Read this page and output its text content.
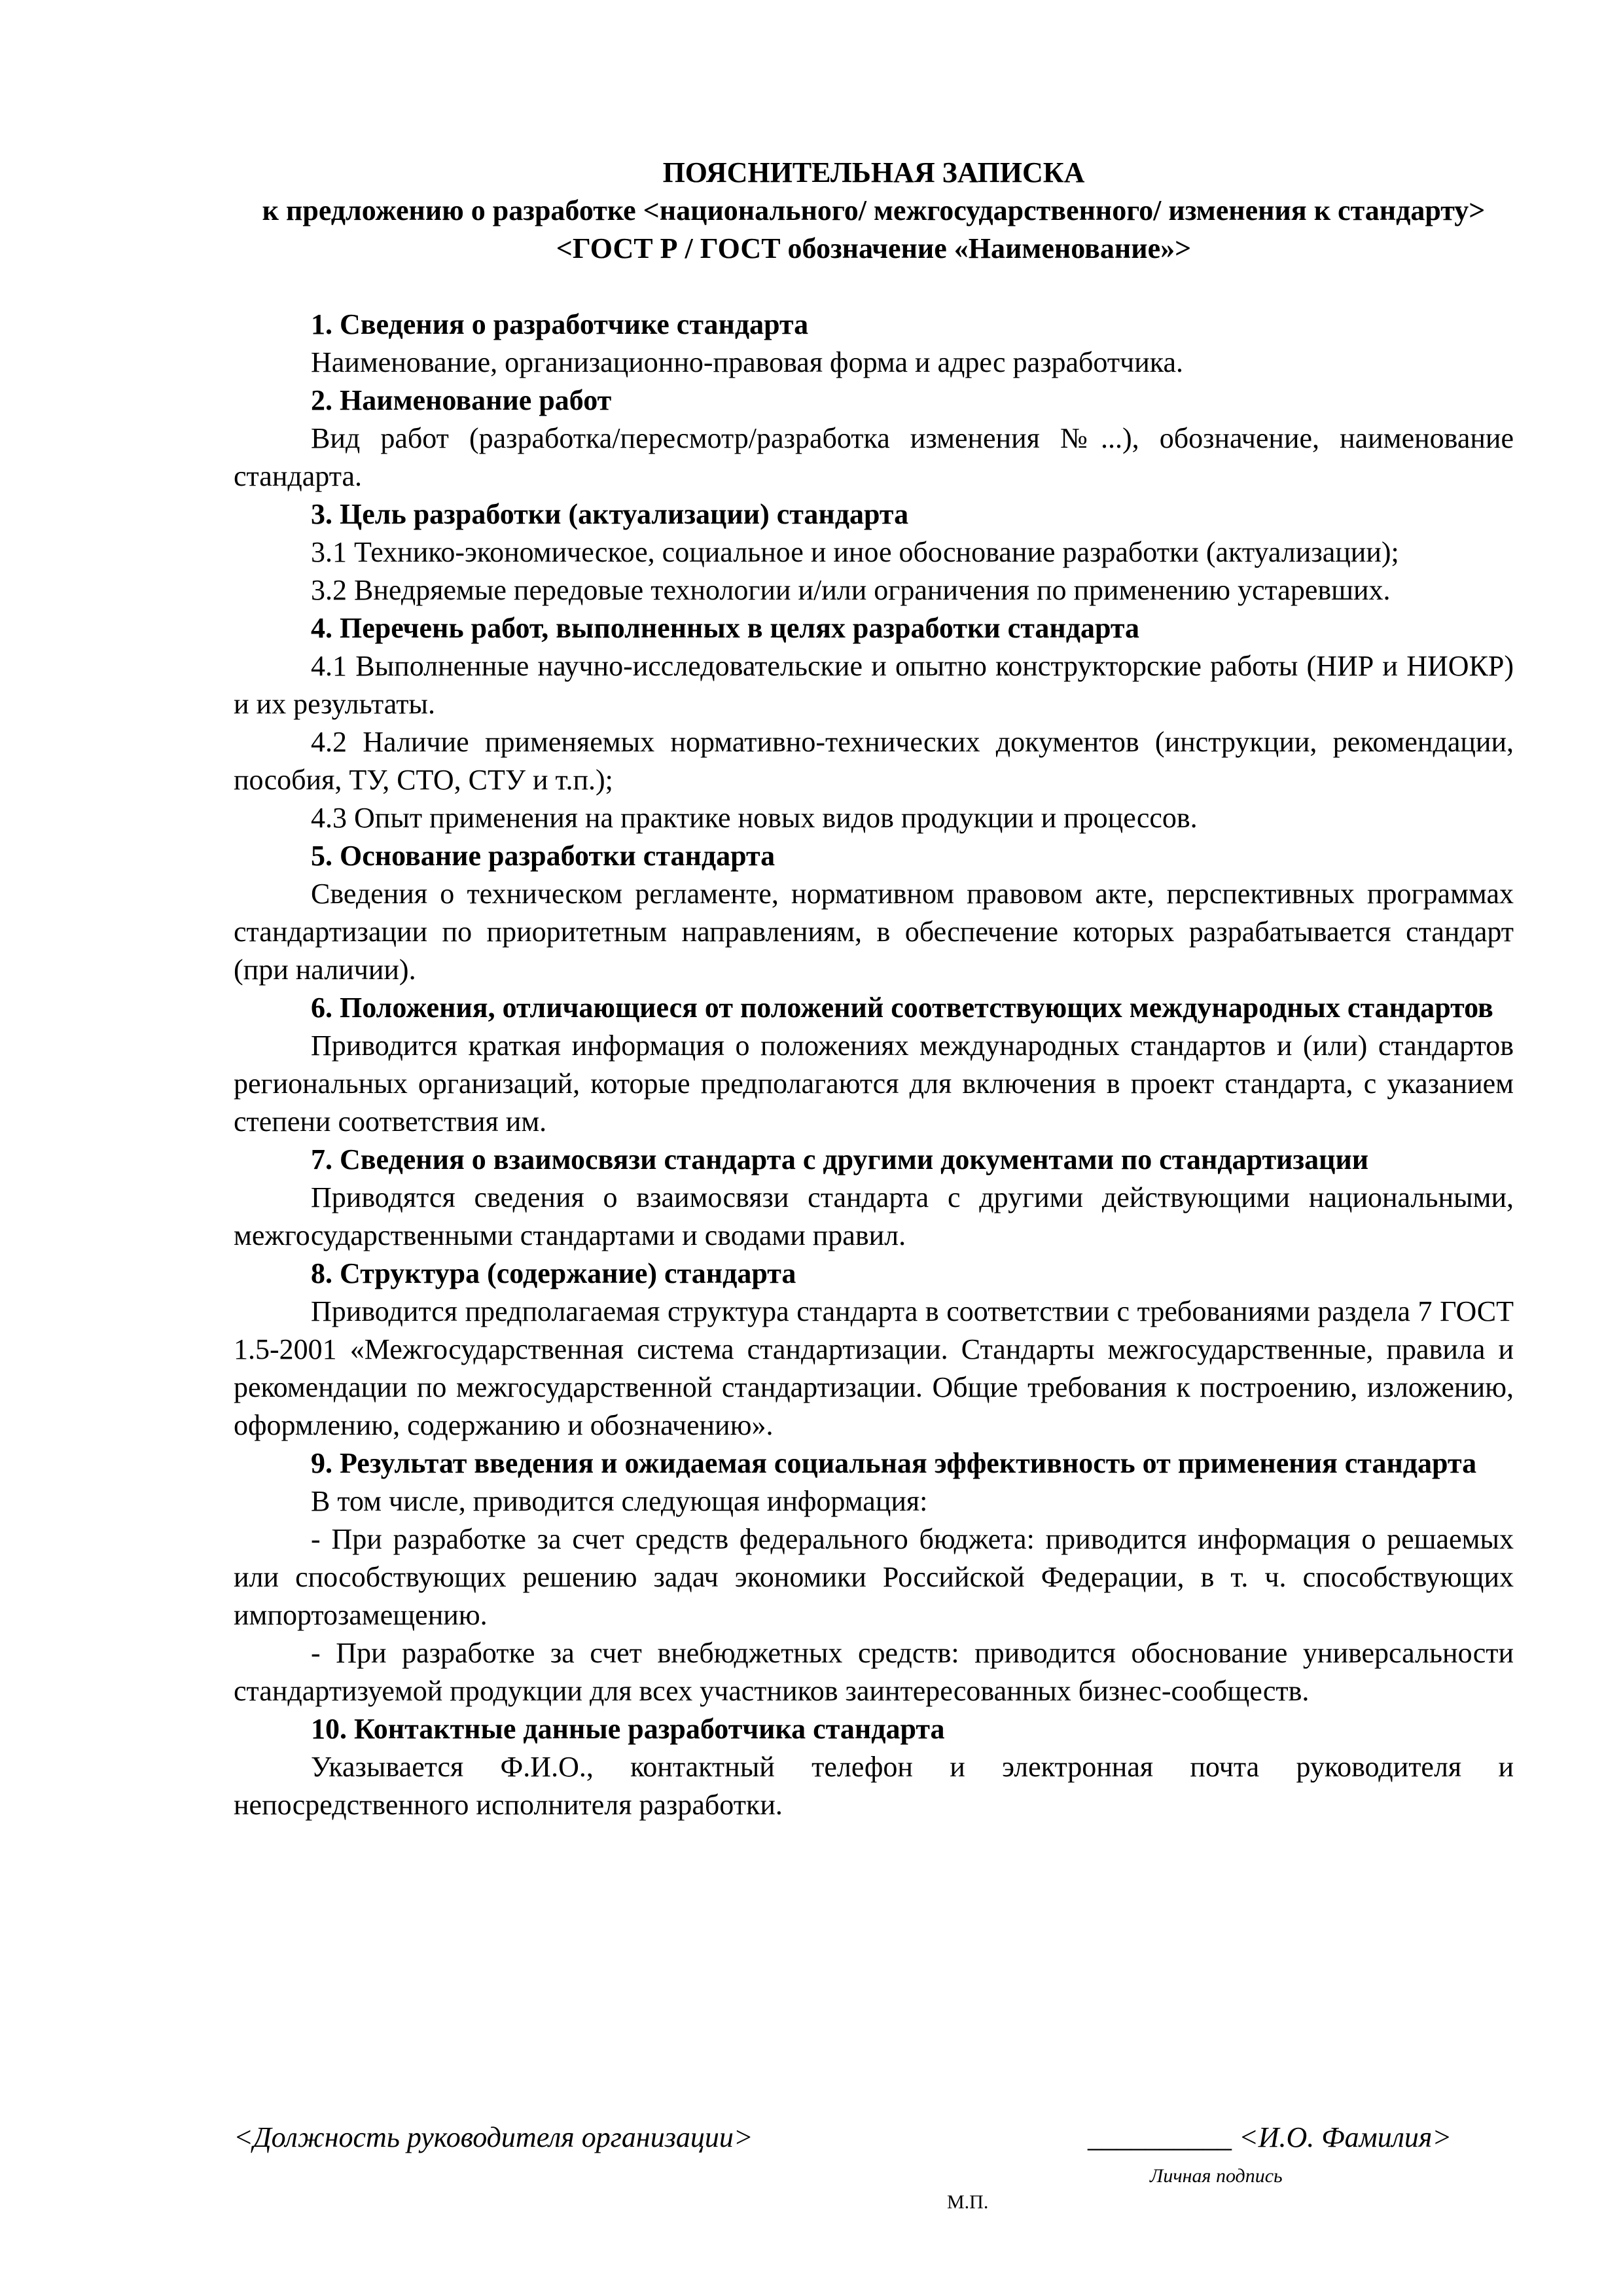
ПОЯСНИТЕЛЬНАЯ ЗАПИСКА

к предложению о разработке <национального/ межгосударственного/ изменения к стандарту>

<ГОСТ Р / ГОСТ обозначение «Наименование»>

1. Сведения о разработчике стандарта

Наименование, организационно-правовая форма и адрес разработчика.

2. Наименование работ

Вид работ (разработка/пересмотр/разработка изменения №...), обозначение, наименование стандарта.

3. Цель разработки (актуализации) стандарта

3.1 Технико-экономическое, социальное и иное обоснование разработки (актуализации);

3.2 Внедряемые передовые технологии и/или ограничения по применению устаревших.

4. Перечень работ, выполненных в целях разработки стандарта

4.1 Выполненные научно-исследовательские и опытно конструкторские работы (НИР и НИОКР) и их результаты.

4.2 Наличие применяемых нормативно-технических документов (инструкции, рекомендации, пособия, ТУ, СТО, СТУ и т.п.);

4.3 Опыт применения на практике новых видов продукции и процессов.

5. Основание разработки стандарта

Сведения о техническом регламенте, нормативном правовом акте, перспективных программах стандартизации по приоритетным направлениям, в обеспечение которых разрабатывается стандарт (при наличии).

6. Положения, отличающиеся от положений соответствующих международных стандартов

Приводится краткая информация о положениях международных стандартов и (или) стандартов региональных организаций, которые предполагаются для включения в проект стандарта, с указанием степени соответствия им.

7. Сведения о взаимосвязи стандарта с другими документами по стандартизации

Приводятся сведения о взаимосвязи стандарта с другими действующими национальными, межгосударственными стандартами и сводами правил.

8. Структура (содержание) стандарта

Приводится предполагаемая структура стандарта в соответствии с требованиями раздела 7 ГОСТ 1.5-2001 «Межгосударственная система стандартизации. Стандарты межгосударственные, правила и рекомендации по межгосударственной стандартизации. Общие требования к построению, изложению, оформлению, содержанию и обозначению».

9. Результат введения и ожидаемая социальная эффективность от применения стандарта

В том числе, приводится следующая информация:

- При разработке за счет средств федерального бюджета: приводится информация о решаемых или способствующих решению задач экономики Российской Федерации, в т. ч. способствующих импортозамещению.

- При разработке за счет внебюджетных средств: приводится обоснование универсальности стандартизуемой продукции для всех участников заинтересованных бизнес-сообществ.

10. Контактные данные разработчика стандарта

Указывается Ф.И.О., контактный телефон и электронная почта руководителя и непосредственного исполнителя разработки.

<Должность руководителя организации>	__________ <И.О. Фамилия>
Личная подпись
М.П.
